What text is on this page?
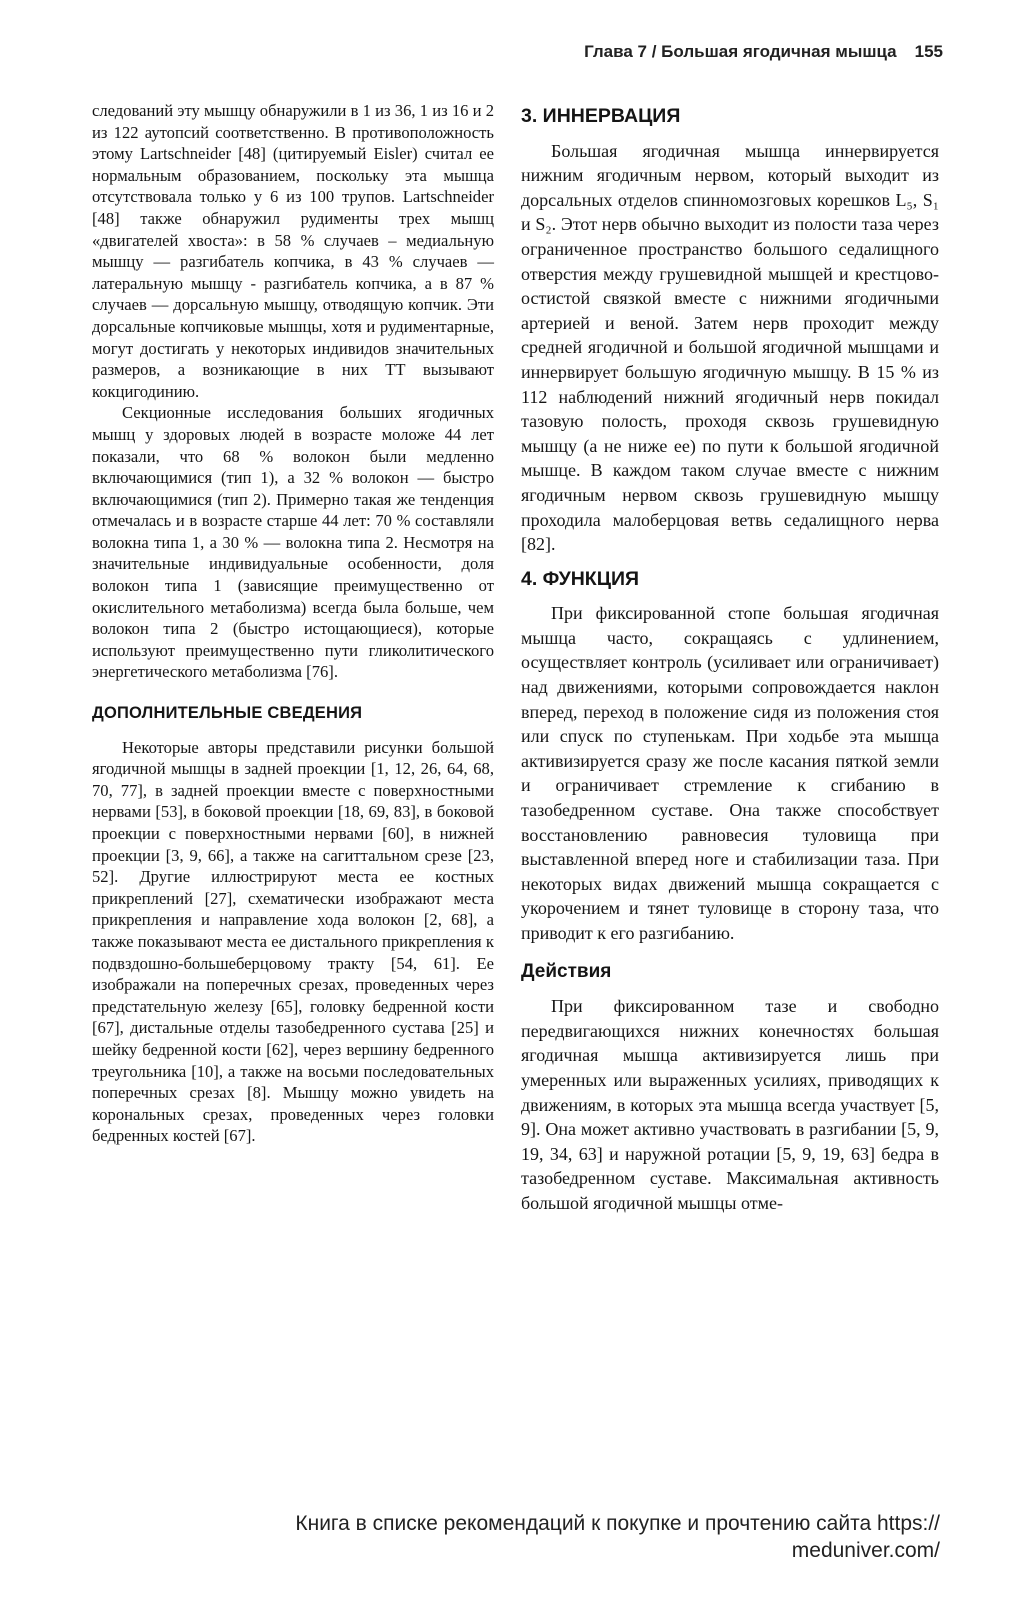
Глава 7 / Большая ягодичная мышца 155

следований эту мышцу обнаружили в 1 из 36, 1 из 16 и 2 из 122 аутопсий соответственно. В противоположность этому Lartschneider [48] (цитируемый Eisler) считал ее нормальным образованием, поскольку эта мышца отсутствовала только у 6 из 100 трупов. Lartschneider [48] также обнаружил рудименты трех мышц «двигателей хвоста»: в 58 % случаев – медиальную мышцу — разгибатель копчика, в 43 % случаев — латеральную мышцу - разгибатель копчика, а в 87 % случаев — дорсальную мышцу, отводящую копчик. Эти дорсальные копчиковые мышцы, хотя и рудиментарные, могут достигать у некоторых индивидов значительных размеров, а возникающие в них ТТ вызывают кокцигодинию.

Секционные исследования больших ягодичных мышц у здоровых людей в возрасте моложе 44 лет показали, что 68 % волокон были медленно включающимися (тип 1), а 32 % волокон — быстро включающимися (тип 2). Примерно такая же тенденция отмечалась и в возрасте старше 44 лет: 70 % составляли волокна типа 1, а 30 % — волокна типа 2. Несмотря на значительные индивидуальные особенности, доля волокон типа 1 (зависящие преимущественно от окислительного метаболизма) всегда была больше, чем волокон типа 2 (быстро истощающиеся), которые используют преимущественно пути гликолитического энергетического метаболизма [76].

ДОПОЛНИТЕЛЬНЫЕ СВЕДЕНИЯ

Некоторые авторы представили рисунки большой ягодичной мышцы в задней проекции [1, 12, 26, 64, 68, 70, 77], в задней проекции вместе с поверхностными нервами [53], в боковой проекции [18, 69, 83], в боковой проекции с поверхностными нервами [60], в нижней проекции [3, 9, 66], а также на сагиттальном срезе [23, 52]. Другие иллюстрируют места ее костных прикреплений [27], схематически изображают места прикрепления и направление хода волокон [2, 68], а также показывают места ее дистального прикрепления к подвздошно-большеберцовому тракту [54, 61]. Ее изображали на поперечных срезах, проведенных через предстательную железу [65], головку бедренной кости [67], дистальные отделы тазобедренного сустава [25] и шейку бедренной кости [62], через вершину бедренного треугольника [10], а также на восьми последовательных поперечных срезах [8]. Мышцу можно увидеть на корональных срезах, проведенных через головки бедренных костей [67].

3. ИННЕРВАЦИЯ

Большая ягодичная мышца иннервируется нижним ягодичным нервом, который выходит из дорсальных отделов спинномозговых корешков L₅, S₁ и S₂. Этот нерв обычно выходит из полости таза через ограниченное пространство большого седалищного отверстия между грушевидной мышцей и крестцово-остистой связкой вместе с нижними ягодичными артерией и веной. Затем нерв проходит между средней ягодичной и большой ягодичной мышцами и иннервирует большую ягодичную мышцу. В 15 % из 112 наблюдений нижний ягодичный нерв покидал тазовую полость, проходя сквозь грушевидную мышцу (а не ниже ее) по пути к большой ягодичной мышце. В каждом таком случае вместе с нижним ягодичным нервом сквозь грушевидную мышцу проходила малоберцовая ветвь седалищного нерва [82].

4. ФУНКЦИЯ

При фиксированной стопе большая ягодичная мышца часто, сокращаясь с удлинением, осуществляет контроль (усиливает или ограничивает) над движениями, которыми сопровождается наклон вперед, переход в положение сидя из положения стоя или спуск по ступенькам. При ходьбе эта мышца активизируется сразу же после касания пяткой земли и ограничивает стремление к сгибанию в тазобедренном суставе. Она также способствует восстановлению равновесия туловища при выставленной вперед ноге и стабилизации таза. При некоторых видах движений мышца сокращается с укорочением и тянет туловище в сторону таза, что приводит к его разгибанию.

Действия

При фиксированном тазе и свободно передвигающихся нижних конечностях большая ягодичная мышца активизируется лишь при умеренных или выраженных усилиях, приводящих к движениям, в которых эта мышца всегда участвует [5, 9]. Она может активно участвовать в разгибании [5, 9, 19, 34, 63] и наружной ротации [5, 9, 19, 63] бедра в тазобедренном суставе. Максимальная активность большой ягодичной мышцы отме-

Книга в списке рекомендаций к покупке и прочтению сайта https://
meduniver.com/
